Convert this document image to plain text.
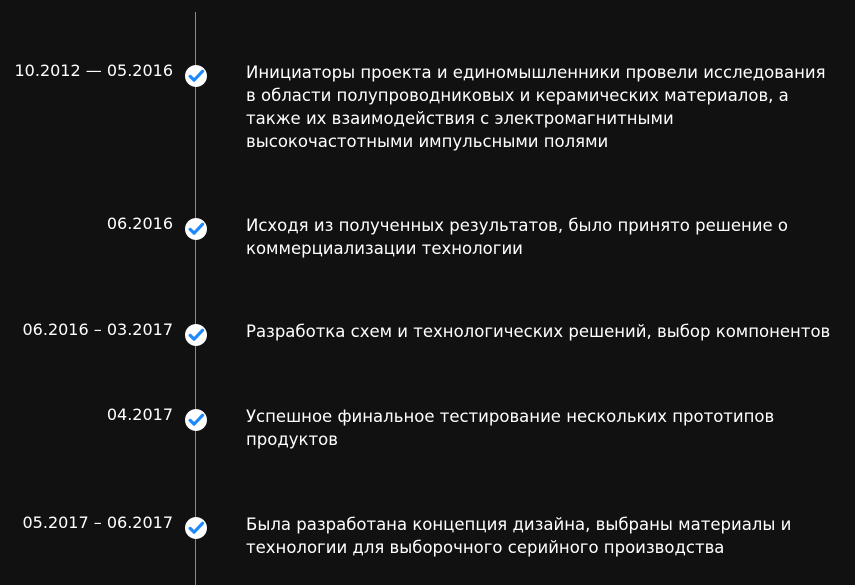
10.2012 — 05.2016	Инициаторы проекта и единомышленники провели исследования
в области полупроводниковых и керамических материалов, а
также их взаимодействия с электромагнитными
высокочастотными импульсными полями
06.2016	Исходя из полученных результатов, было принято решение о
коммерциализации технологии
06.2016 – 03.2017	Разработка схем и технологических решений, выбор компонентов
04.2017	Успешное финальное тестирование нескольких прототипов
продуктов
05.2017 – 06.2017	Была разработана концепция дизайна, выбраны материалы и
технологии для выборочного серийного производства
